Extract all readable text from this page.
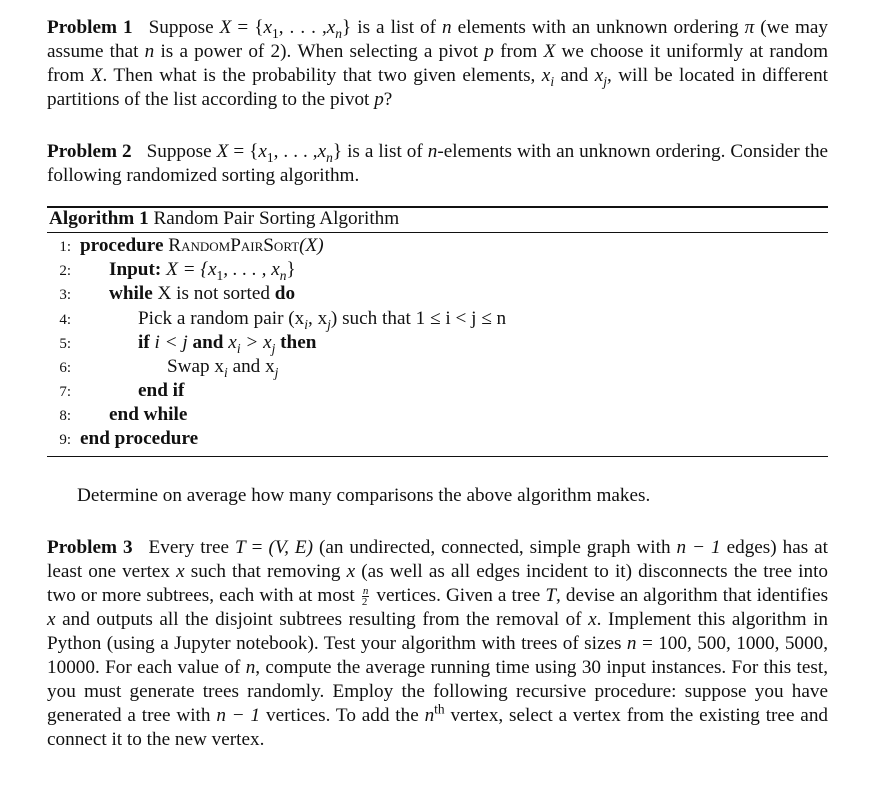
Problem 1 Suppose $X = \{x_1$, . . . $,x_n$} is a list of n elements with an unknown ordering π (we may assume that n is a power of 2). When selecting a pivot p from X we choose it uniformly at random from X. Then what is the probability that two given elements, $x_i$ and $x_j$, will be located in different partitions of the list according to the pivot p?
Problem 2 Suppose $X = \{x_1$, . . . $,x_n$} is a list of n-elements with an unknown ordering. Consider the following randomized sorting algorithm.
Algorithm 1 Random Pair Sorting Algorithm
1: procedure RandomPairSort(X)
2: Input: $X = \{x_1$, . . . , $x_n$}
3: while X is not sorted do
4:	Pick a random pair ($x_i$, $x_j$) such that 1 ≤ i < j ≤ n
5:	if i < j and $x_i > x_j$ then
6:	Swap $x_i$ and $x_j$
7:	end if
8: end while
9: end procedure
Determine on average how many comparisons the above algorithm makes.
Problem 3 Every tree T = (V, E) (an undirected, connected, simple graph with n − 1 edges) has at least one vertex x such that removing x (as well as all edges incident to it) disconnects the tree into two or more subtrees, each with at most $\frac{n}{2}$ vertices. Given a tree T, devise an algorithm that identifies x and outputs all the disjoint subtrees resulting from the removal of x. Implement this algorithm in Python (using a Jupyter notebook). Test your algorithm with trees of sizes n = 100, 500, 1000, 5000, 10000. For each value of n, compute the average running time using 30 input instances. For this test, you must generate trees randomly. Employ the following recursive procedure: suppose you have generated a tree with n − 1 vertices. To add the $n^{th}$ vertex, select a vertex from the existing tree and connect it to the new vertex.
